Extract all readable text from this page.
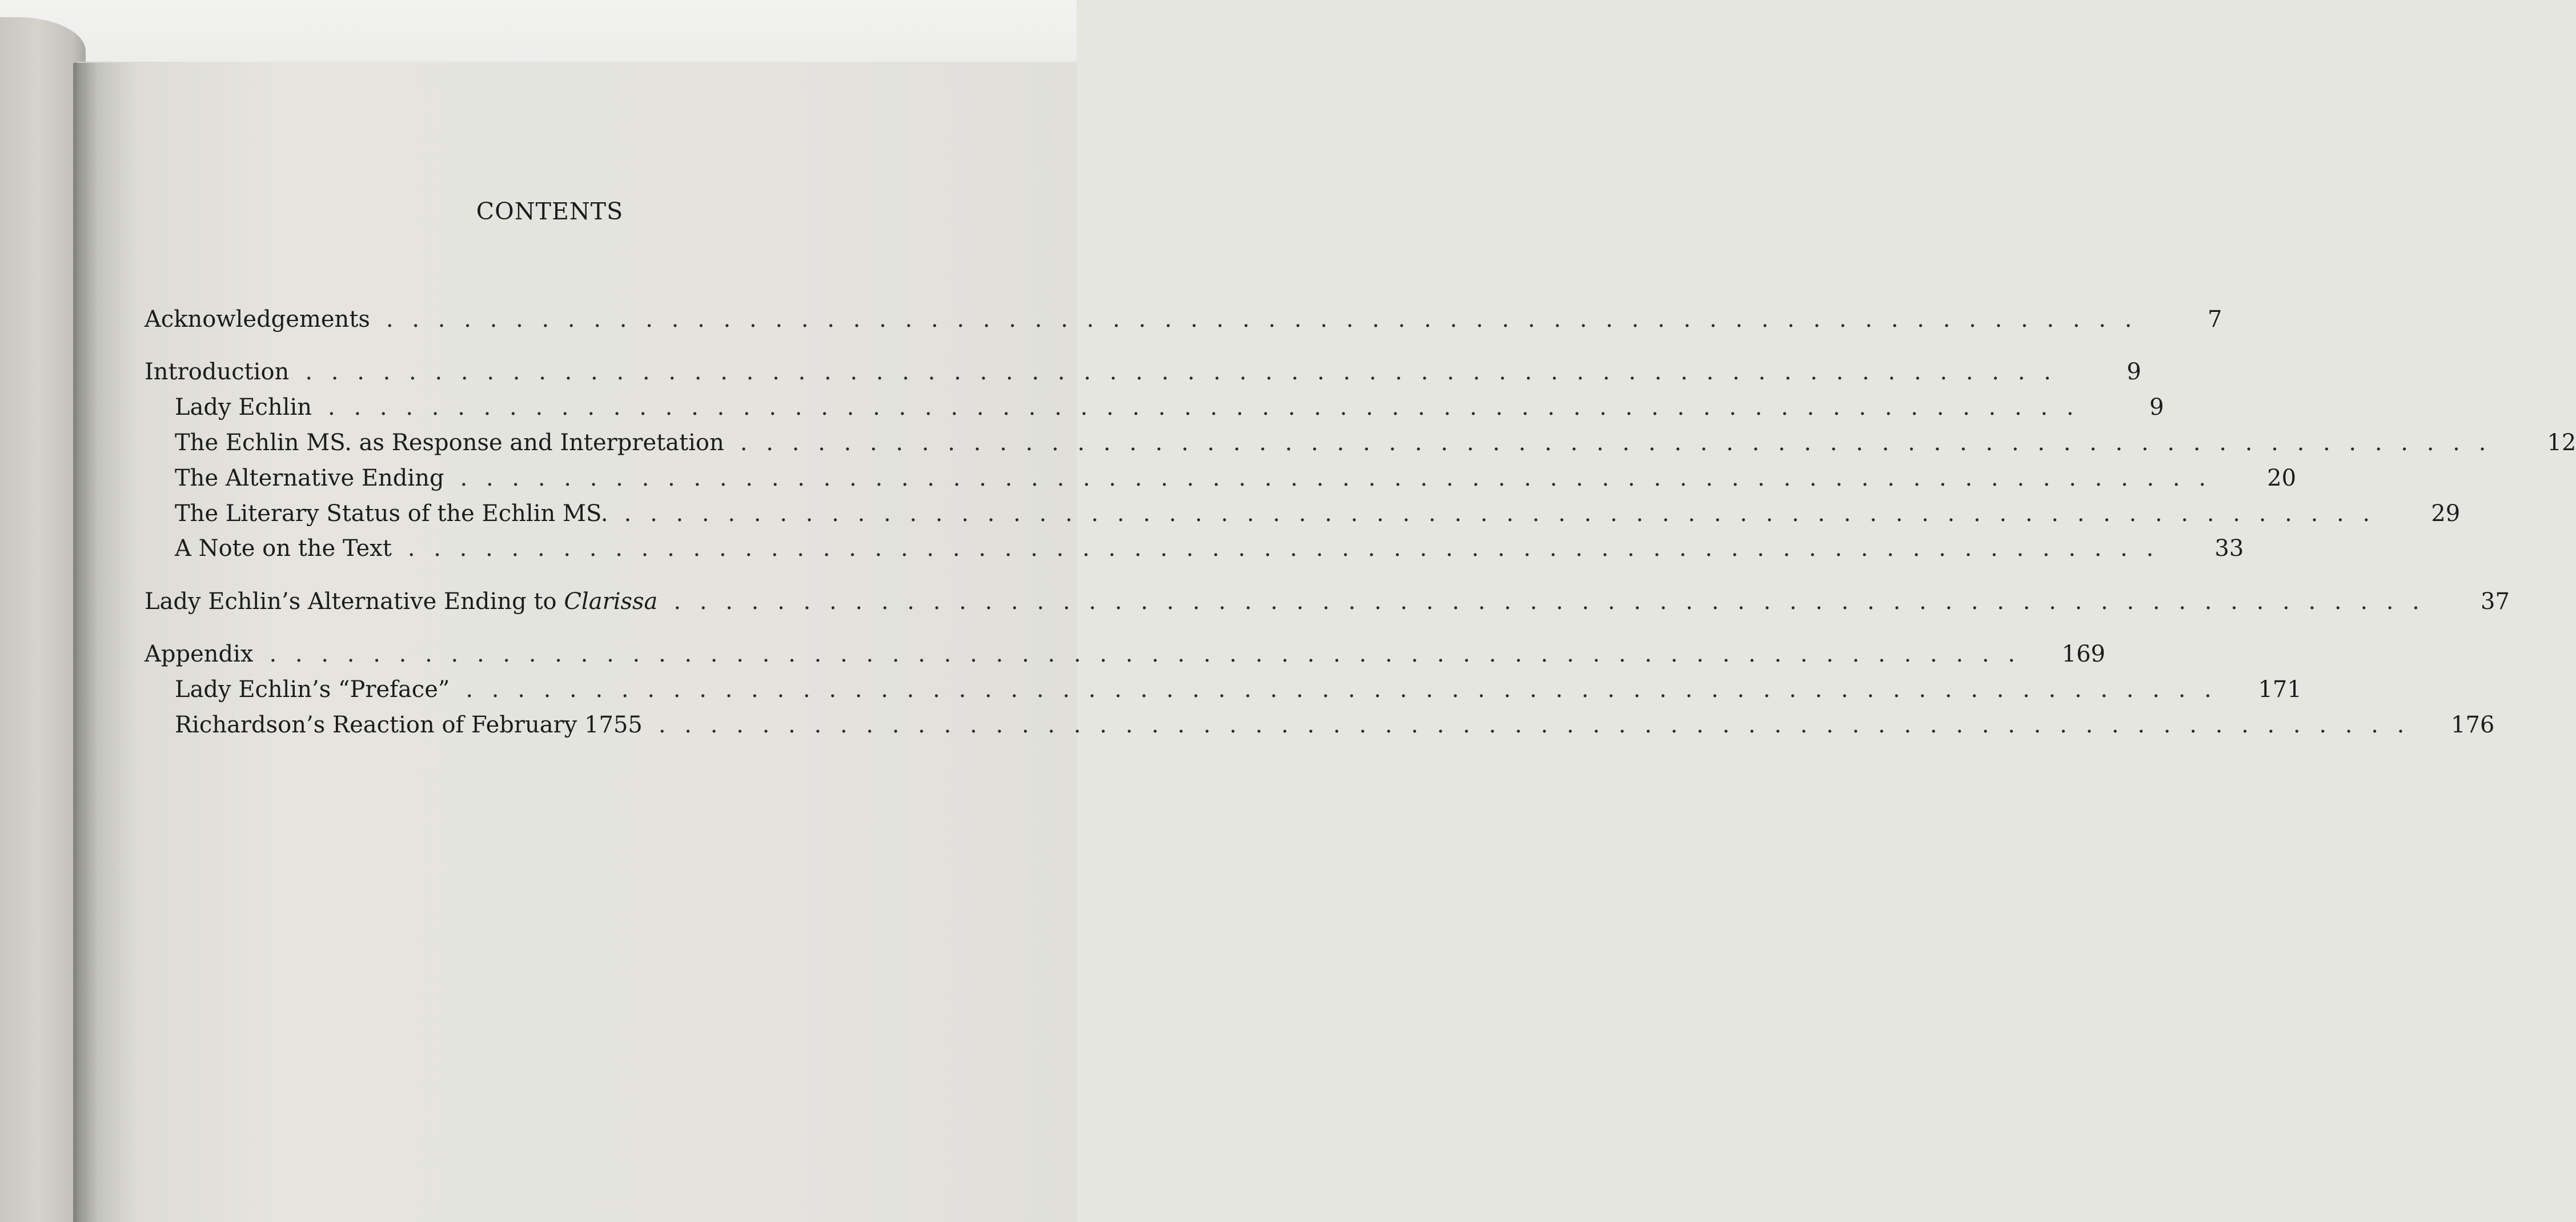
CONTENTS
Acknowledgements . . . . . . . . . . . . . . . . . . . . . . . . . . . . . . . . . . . . . . . . . . . . . . . . . . . . . . . . . . . . . . . . . . . .	7
Introduction . . . . . . . . . . . . . . . . . . . . . . . . . . . . . . . . . . . . . . . . . . . . . . . . . . . . . . . . . . . . . . . . . . . .	9
Lady Echlin . . . . . . . . . . . . . . . . . . . . . . . . . . . . . . . . . . . . . . . . . . . . . . . . . . . . . . . . . . . . . . . . . . . .	9
The Echlin MS. as Response and Interpretation . . . . . . . . . . . . . . . . . . . . . . . . . . . . . . . . . . . . . . . . . . . . . . . . . . . . . . . . . . . . . . . . . . . .	12
The Alternative Ending . . . . . . . . . . . . . . . . . . . . . . . . . . . . . . . . . . . . . . . . . . . . . . . . . . . . . . . . . . . . . . . . . . . .	20
The Literary Status of the Echlin MS. . . . . . . . . . . . . . . . . . . . . . . . . . . . . . . . . . . . . . . . . . . . . . . . . . . . . . . . . . . . . . . . . . . . .	29
A Note on the Text . . . . . . . . . . . . . . . . . . . . . . . . . . . . . . . . . . . . . . . . . . . . . . . . . . . . . . . . . . . . . . . . . . . .	33
Lady Echlin’s Alternative Ending to Clarissa . . . . . . . . . . . . . . . . . . . . . . . . . . . . . . . . . . . . . . . . . . . . . . . . . . . . . . . . . . . . . . . . . . . .	37
Appendix . . . . . . . . . . . . . . . . . . . . . . . . . . . . . . . . . . . . . . . . . . . . . . . . . . . . . . . . . . . . . . . . . . . .	169
Lady Echlin’s “Preface” . . . . . . . . . . . . . . . . . . . . . . . . . . . . . . . . . . . . . . . . . . . . . . . . . . . . . . . . . . . . . . . . . . . .	171
Richardson’s Reaction of February 1755 . . . . . . . . . . . . . . . . . . . . . . . . . . . . . . . . . . . . . . . . . . . . . . . . . . . . . . . . . . . . . . . . . . . .	176
